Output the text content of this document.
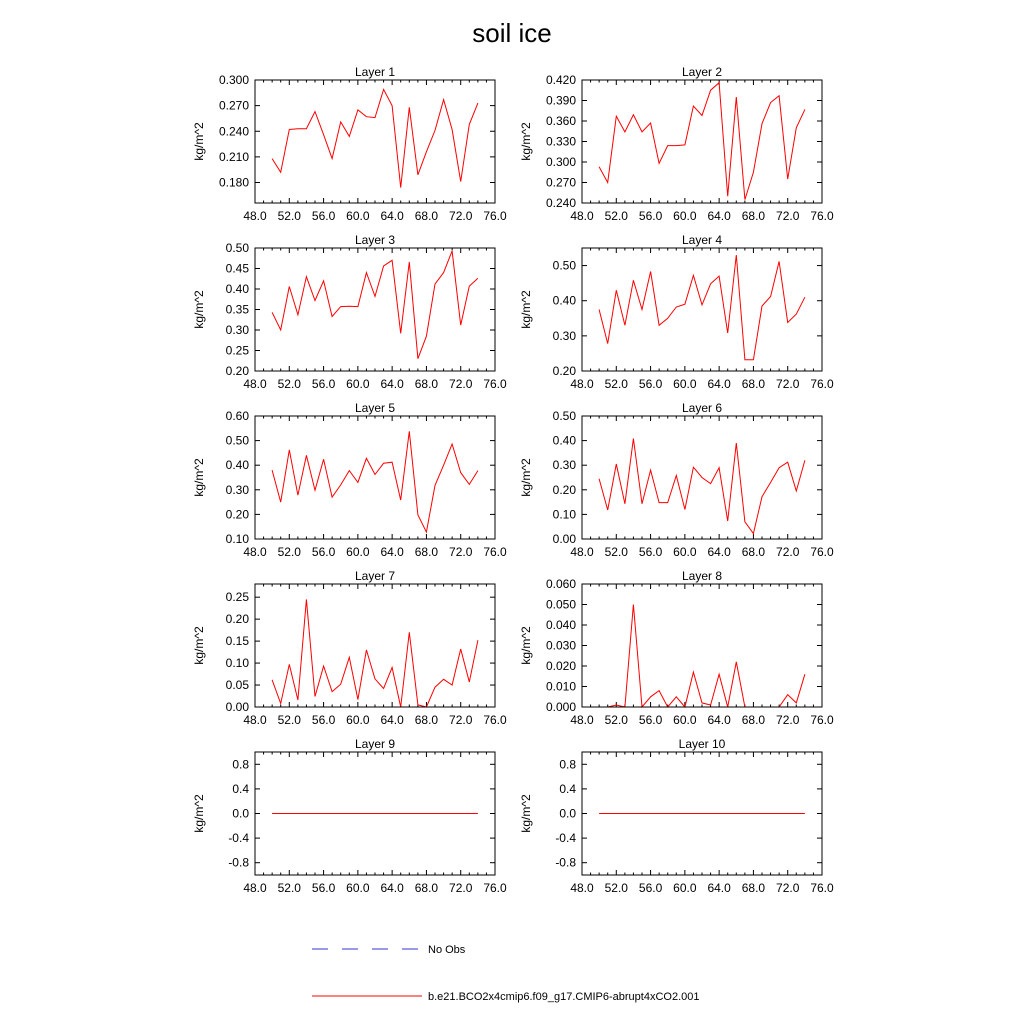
soil ice
Layer 1
kg/m^2
48.0 52.0 56.0 60.0 64.0 68.0 72.0 76.0
0.300
0.270
0.240
0.210
0.180
Layer 2
kg/m^2
48.0 52.0 56.0 60.0 64.0 68.0 72.0 76.0
0.420
0.390
0.360
0.330
0.300
0.270
0.240
Layer 3
kg/m^2
48.0 52.0 56.0 60.0 64.0 68.0 72.0 76.0
0.50
0.45
0.40
0.35
0.30
0.25
0.20
Layer 4
kg/m^2
48.0 52.0 56.0 60.0 64.0 68.0 72.0 76.0
0.50
0.40
0.30
0.20
Layer 5
kg/m^2
48.0 52.0 56.0 60.0 64.0 68.0 72.0 76.0
0.60
0.50
0.40
0.30
0.20
0.10
Layer 6
kg/m^2
48.0 52.0 56.0 60.0 64.0 68.0 72.0 76.0
0.50
0.40
0.30
0.20
0.10
0.00
Layer 7
kg/m^2
48.0 52.0 56.0 60.0 64.0 68.0 72.0 76.0
0.25
0.20
0.15
0.10
0.05
0.00
Layer 8
kg/m^2
48.0 52.0 56.0 60.0 64.0 68.0 72.0 76.0
0.060
0.050
0.040
0.030
0.020
0.010
0.000
Layer 9
kg/m^2
48.0 52.0 56.0 60.0 64.0 68.0 72.0 76.0
0.8
0.4
0.0
-0.4
-0.8
Layer 10
kg/m^2
48.0 52.0 56.0 60.0 64.0 68.0 72.0 76.0
0.8
0.4
0.0
-0.4
-0.8
No Obs
b.e21.BCO2x4cmip6.f09_g17.CMIP6-abrupt4xCO2.001
